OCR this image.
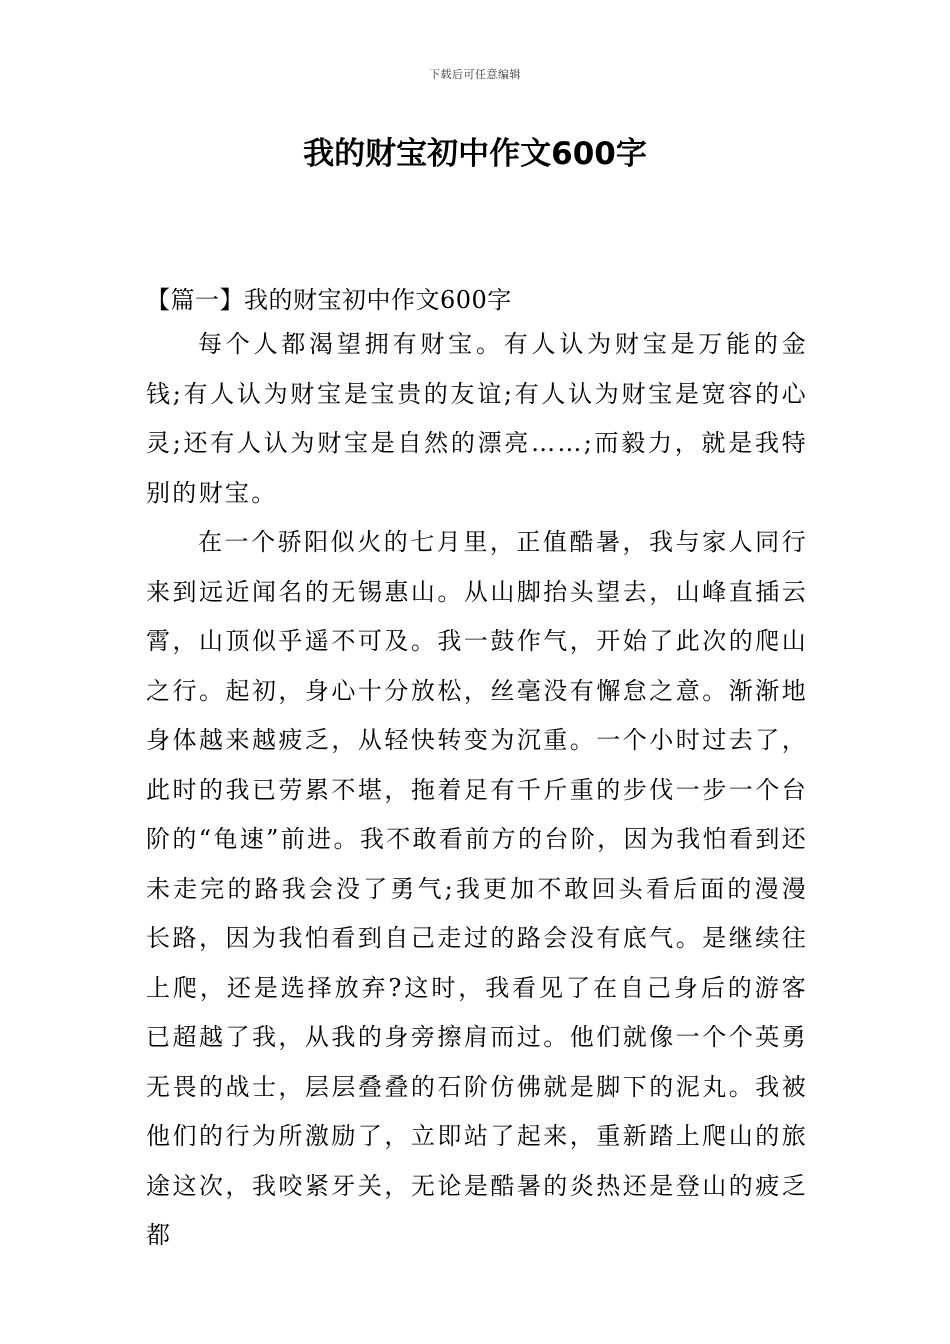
下载后可任意编辑
我的财宝初中作文600字

【篇一】我的财宝初中作文600字

每个人都渴望拥有财宝。有人认为财宝是万能的金钱;有人认为财宝是宝贵的友谊;有人认为财宝是宽容的心灵;还有人认为财宝是自然的漂亮……;而毅力，就是我特别的财宝。

在一个骄阳似火的七月里，正值酷暑，我与家人同行来到远近闻名的无锡惠山。从山脚抬头望去，山峰直插云霄，山顶似乎遥不可及。我一鼓作气，开始了此次的爬山之行。起初，身心十分放松，丝毫没有懈怠之意。渐渐地身体越来越疲乏，从轻快转变为沉重。一个小时过去了，此时的我已劳累不堪，拖着足有千斤重的步伐一步一个台阶的“龟速”前进。我不敢看前方的台阶，因为我怕看到还未走完的路我会没了勇气;我更加不敢回头看后面的漫漫长路，因为我怕看到自己走过的路会没有底气。是继续往上爬，还是选择放弃?这时，我看见了在自己身后的游客已超越了我，从我的身旁擦肩而过。他们就像一个个英勇无畏的战士，层层叠叠的石阶仿佛就是脚下的泥丸。我被他们的行为所激励了，立即站了起来，重新踏上爬山的旅途这次，我咬紧牙关，无论是酷暑的炎热还是登山的疲乏都
